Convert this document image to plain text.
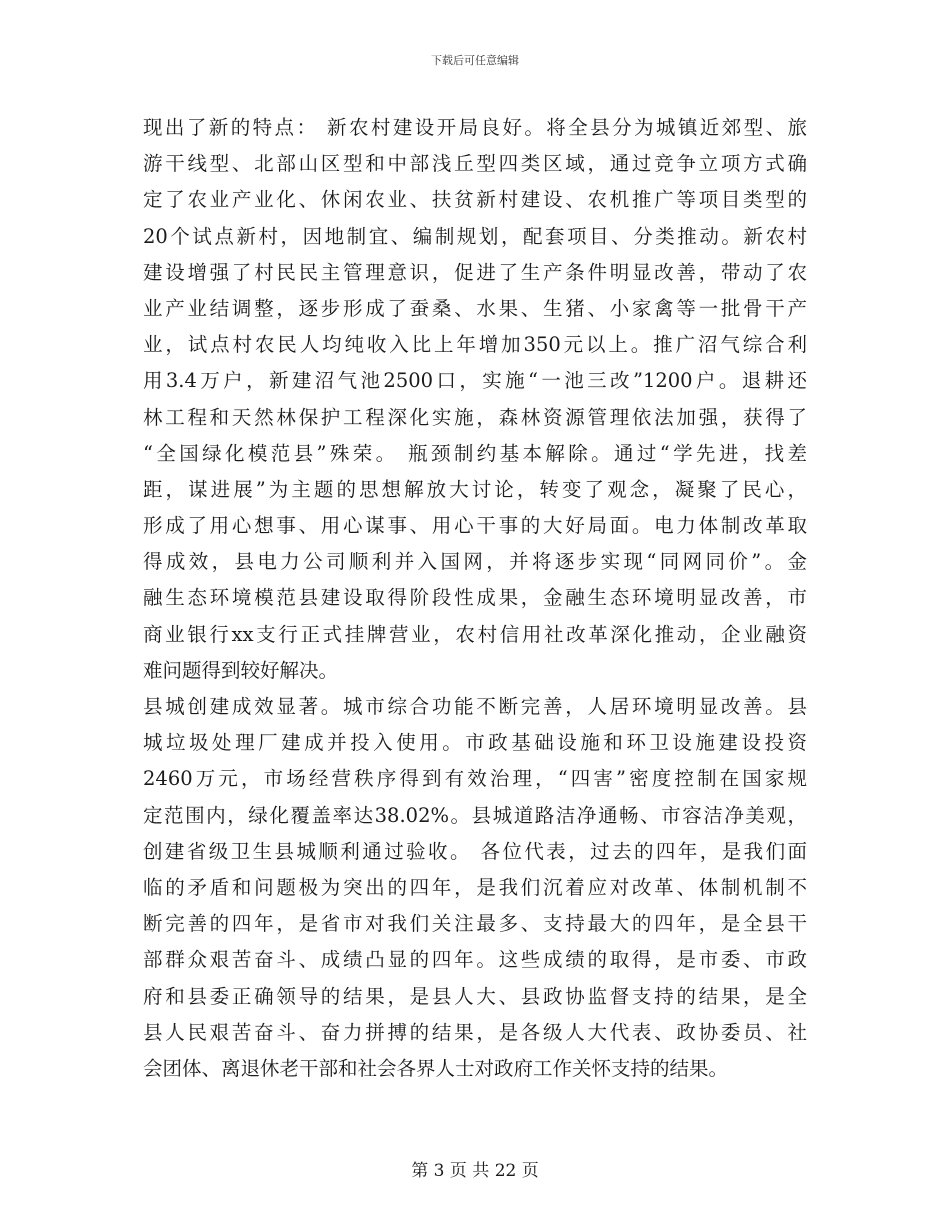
下载后可任意编辑
现出了新的特点： 新农村建设开局良好。将全县分为城镇近郊型、旅
游干线型、北部山区型和中部浅丘型四类区域，通过竞争立项方式确
定了农业产业化、休闲农业、扶贫新村建设、农机推广等项目类型的
20个试点新村，因地制宜、编制规划，配套项目、分类推动。新农村
建设增强了村民民主管理意识，促进了生产条件明显改善，带动了农
业产业结调整，逐步形成了蚕桑、水果、生猪、小家禽等一批骨干产
业，试点村农民人均纯收入比上年增加350元以上。推广沼气综合利
用3.4万户，新建沼气池2500口，实施“一池三改”1200户。退耕还
林工程和天然林保护工程深化实施，森林资源管理依法加强，获得了
“全国绿化模范县”殊荣。 瓶颈制约基本解除。通过“学先进，找差
距，谋进展”为主题的思想解放大讨论，转变了观念，凝聚了民心，
形成了用心想事、用心谋事、用心干事的大好局面。电力体制改革取
得成效，县电力公司顺利并入国网，并将逐步实现“同网同价”。金
融生态环境模范县建设取得阶段性成果，金融生态环境明显改善，市
商业银行xx支行正式挂牌营业，农村信用社改革深化推动，企业融资
难问题得到较好解决。
县城创建成效显著。城市综合功能不断完善，人居环境明显改善。县
城垃圾处理厂建成并投入使用。市政基础设施和环卫设施建设投资
2460万元，市场经营秩序得到有效治理，“四害”密度控制在国家规
定范围内，绿化覆盖率达38.02%。县城道路洁净通畅、市容洁净美观，
创建省级卫生县城顺利通过验收。 各位代表，过去的四年，是我们面
临的矛盾和问题极为突出的四年，是我们沉着应对改革、体制机制不
断完善的四年，是省市对我们关注最多、支持最大的四年，是全县干
部群众艰苦奋斗、成绩凸显的四年。这些成绩的取得，是市委、市政
府和县委正确领导的结果，是县人大、县政协监督支持的结果，是全
县人民艰苦奋斗、奋力拼搏的结果，是各级人大代表、政协委员、社
会团体、离退休老干部和社会各界人士对政府工作关怀支持的结果。
第 3 页 共 22 页
